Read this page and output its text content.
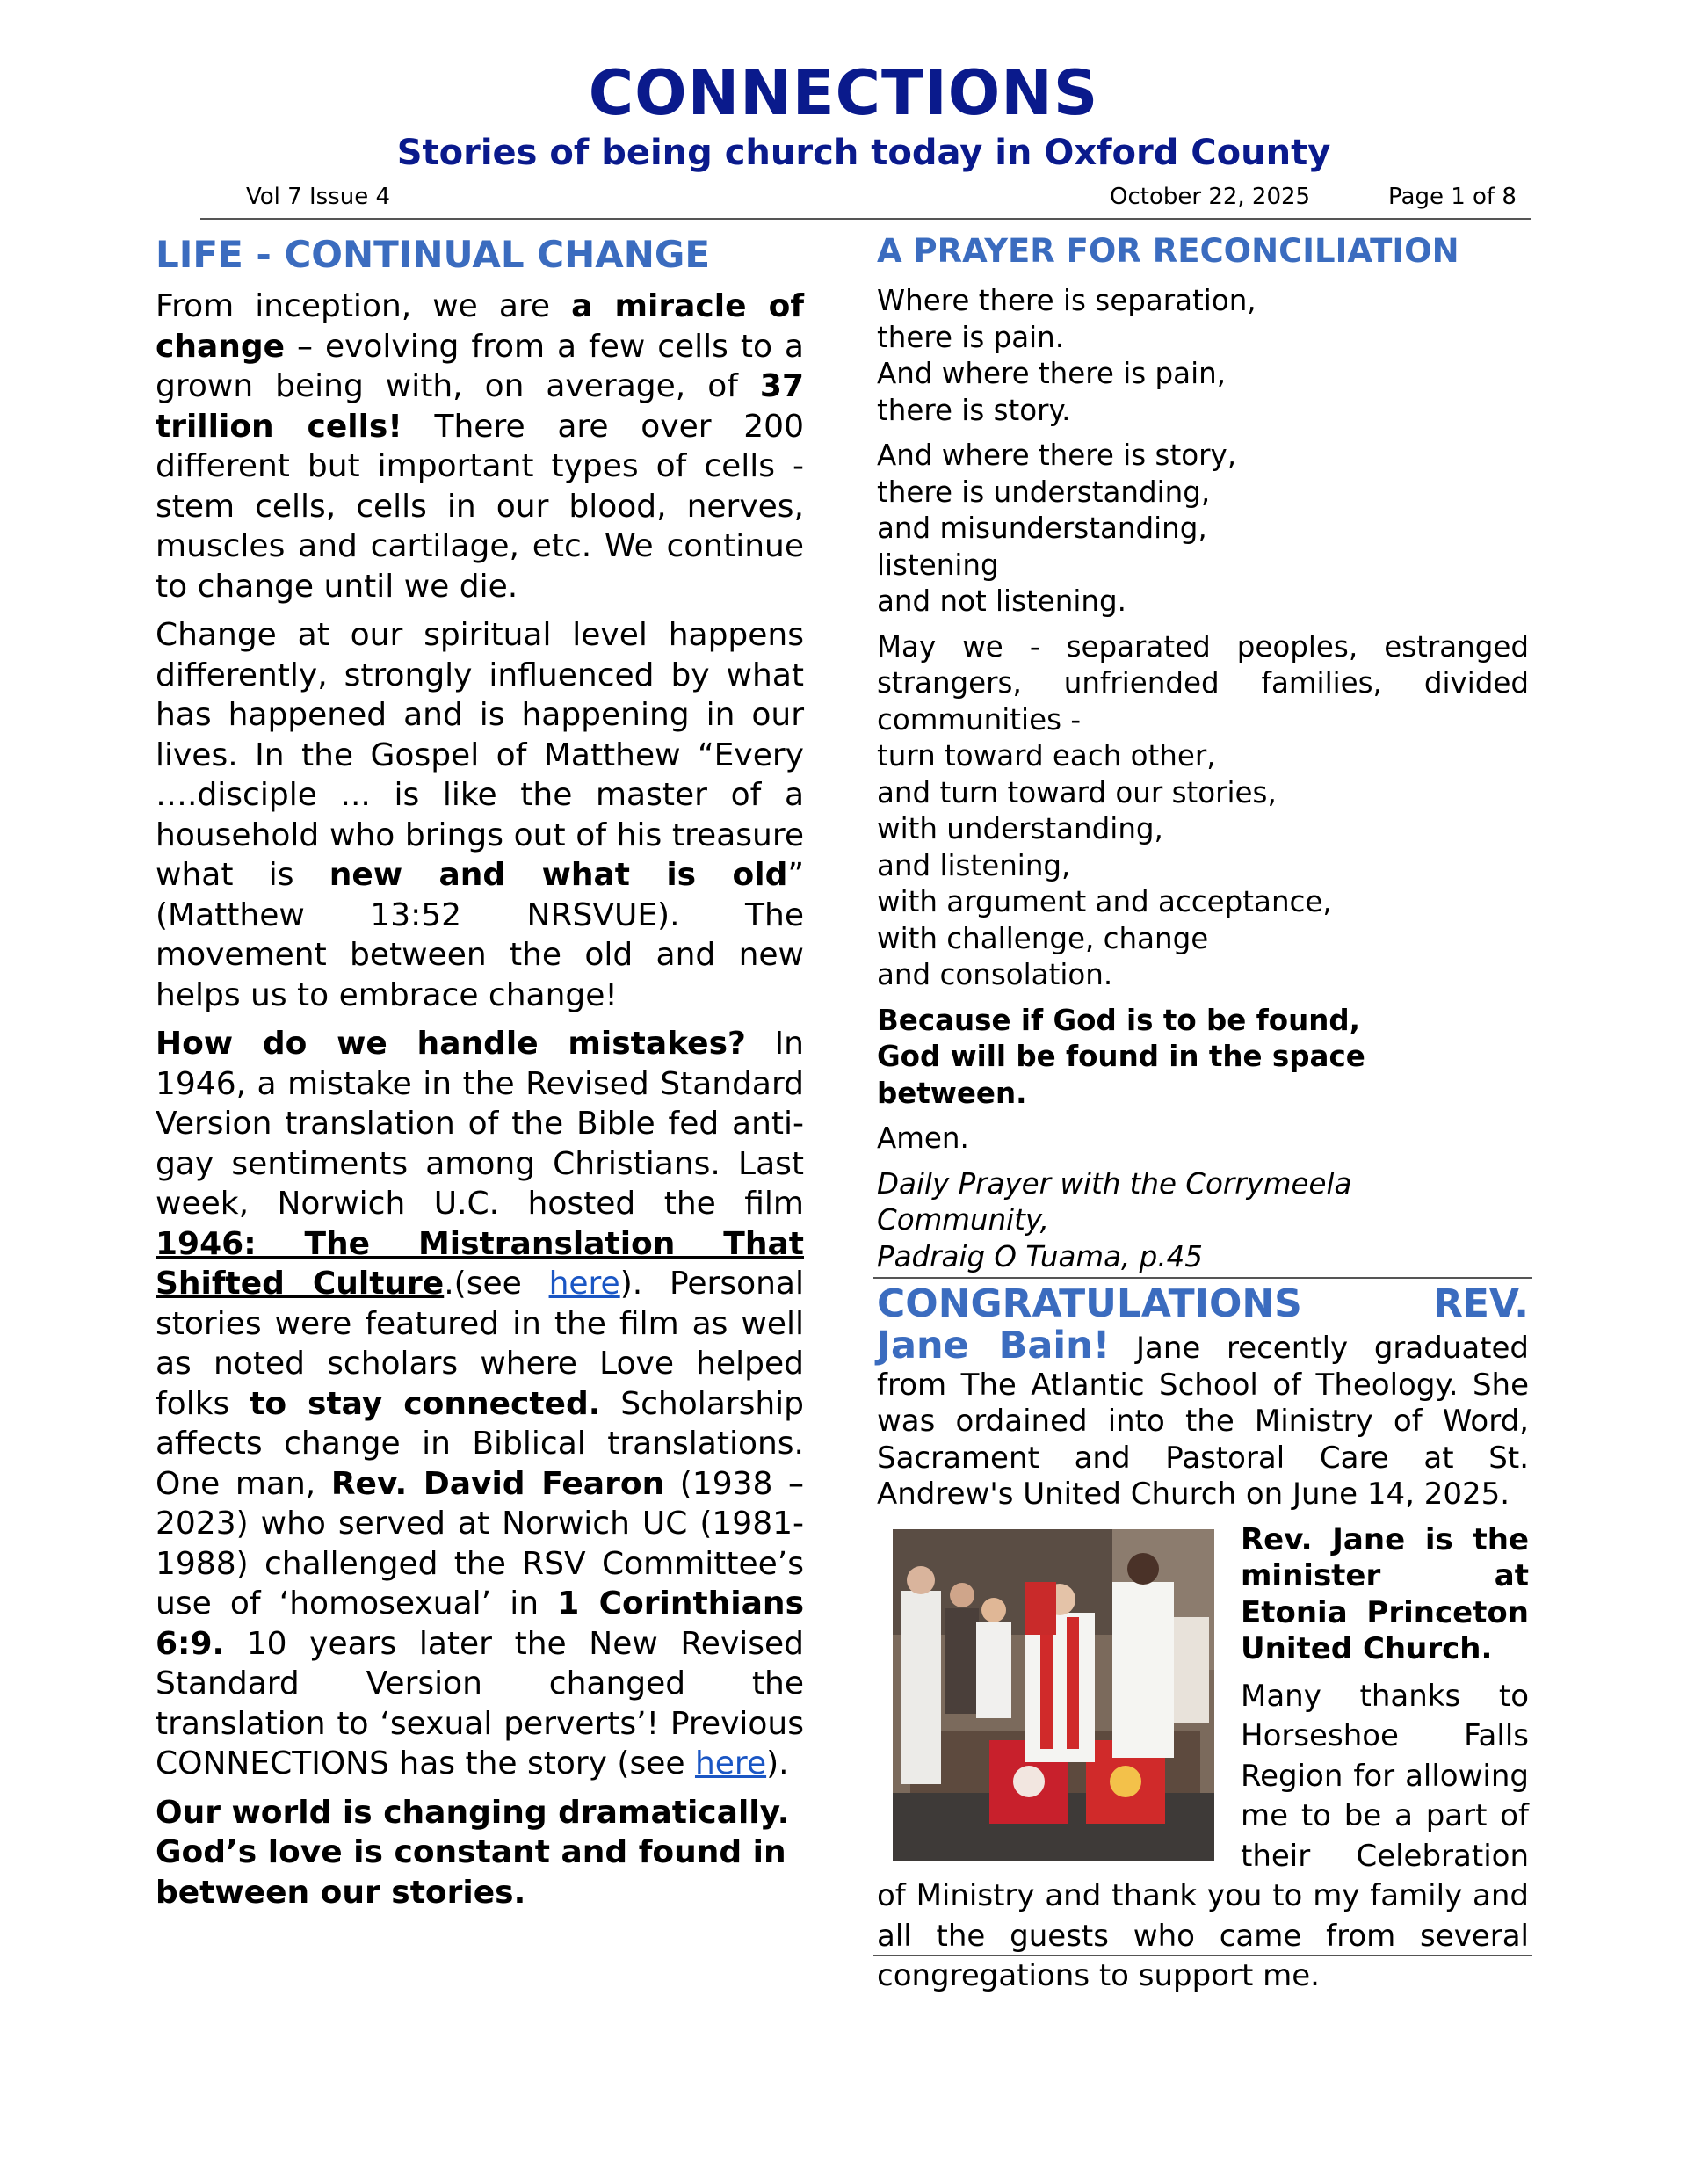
CONNECTIONS
Stories of being church today in Oxford County
Vol 7 Issue 4	October 22, 2025	Page 1 of 8
LIFE - CONTINUAL CHANGE

From inception, we are a miracle of change – evolving from a few cells to a grown being with, on average, of 37 trillion cells! There are over 200 different but important types of cells - stem cells, cells in our blood, nerves, muscles and cartilage, etc. We continue to change until we die.

Change at our spiritual level happens differently, strongly influenced by what has happened and is happening in our lives. In the Gospel of Matthew “Every ….disciple ... is like the master of a household who brings out of his treasure what is new and what is old” (Matthew 13:52 NRSVUE). The movement between the old and new helps us to embrace change!

How do we handle mistakes? In 1946, a mistake in the Revised Standard Version translation of the Bible fed anti-gay sentiments among Christians. Last week, Norwich U.C. hosted the film 1946: The Mistranslation That Shifted Culture.(see here). Personal stories were featured in the film as well as noted scholars where Love helped folks to stay connected. Scholarship affects change in Biblical translations. One man, Rev. David Fearon (1938 – 2023) who served at Norwich UC (1981-1988) challenged the RSV Committee’s use of ‘homosexual’ in 1 Corinthians 6:9. 10 years later the New Revised Standard Version changed the translation to ‘sexual perverts’! Previous CONNECTIONS has the story (see here).

Our world is changing dramatically. God’s love is constant and found in between our stories.

A PRAYER FOR RECONCILIATION

Where there is separation,
there is pain.
And where there is pain,
there is story.

And where there is story,
there is understanding,
and misunderstanding,
listening
and not listening.

May we - separated peoples, estranged strangers, unfriended families, divided communities -

turn toward each other,
and turn toward our stories,
with understanding,
and listening,
with argument and acceptance,
with challenge, change
and consolation.

Because if God is to be found,
God will be found in the space
between.

Amen.

Daily Prayer with the Corrymeela Community,
Padraig O Tuama, p.45

CONGRATULATIONS	REV.

Jane Bain! Jane recently graduated from The Atlantic School of Theology. She was ordained into the Ministry of Word, Sacrament and Pastoral Care at St. Andrew's United Church on June 14, 2025.

Rev. Jane is the minister at Etonia Princeton United Church.

Many thanks to Horseshoe Falls Region for allowing me to be a part of their Celebration of Ministry and thank you to my family and all the guests who came from several congregations to support me.
